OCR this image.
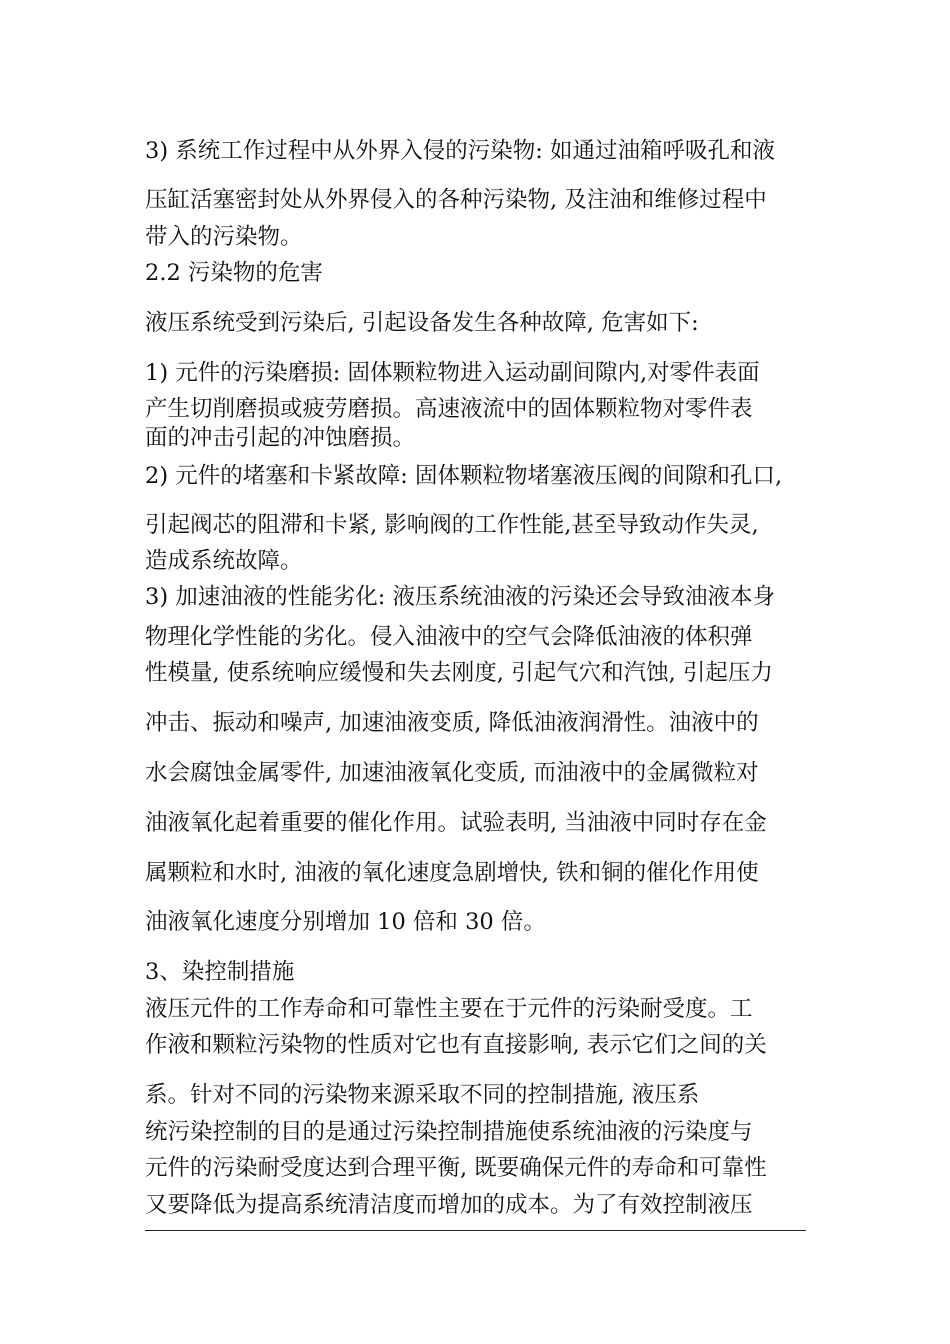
3) 系统工作过程中从外界入侵的污染物: 如通过油箱呼吸孔和液
压缸活塞密封处从外界侵入的各种污染物, 及注油和维修过程中
带入的污染物。
2.2 污染物的危害
液压系统受到污染后, 引起设备发生各种故障, 危害如下:
1) 元件的污染磨损: 固体颗粒物进入运动副间隙内,对零件表面
产生切削磨损或疲劳磨损。高速液流中的固体颗粒物对零件表
面的冲击引起的冲蚀磨损。
2) 元件的堵塞和卡紧故障: 固体颗粒物堵塞液压阀的间隙和孔口,
引起阀芯的阻滞和卡紧, 影响阀的工作性能,甚至导致动作失灵,
造成系统故障。
3) 加速油液的性能劣化: 液压系统油液的污染还会导致油液本身
物理化学性能的劣化。侵入油液中的空气会降低油液的体积弹
性模量, 使系统响应缓慢和失去刚度, 引起气穴和汽蚀, 引起压力
冲击、振动和噪声, 加速油液变质, 降低油液润滑性。油液中的
水会腐蚀金属零件, 加速油液氧化变质, 而油液中的金属微粒对
油液氧化起着重要的催化作用。试验表明, 当油液中同时存在金
属颗粒和水时, 油液的氧化速度急剧增快, 铁和铜的催化作用使
油液氧化速度分别增加 10 倍和 30 倍。
3、染控制措施
液压元件的工作寿命和可靠性主要在于元件的污染耐受度。工
作液和颗粒污染物的性质对它也有直接影响, 表示它们之间的关
系。针对不同的污染物来源采取不同的控制措施, 液压系
统污染控制的目的是通过污染控制措施使系统油液的污染度与
元件的污染耐受度达到合理平衡, 既要确保元件的寿命和可靠性
又要降低为提高系统清洁度而增加的成本。为了有效控制液压
